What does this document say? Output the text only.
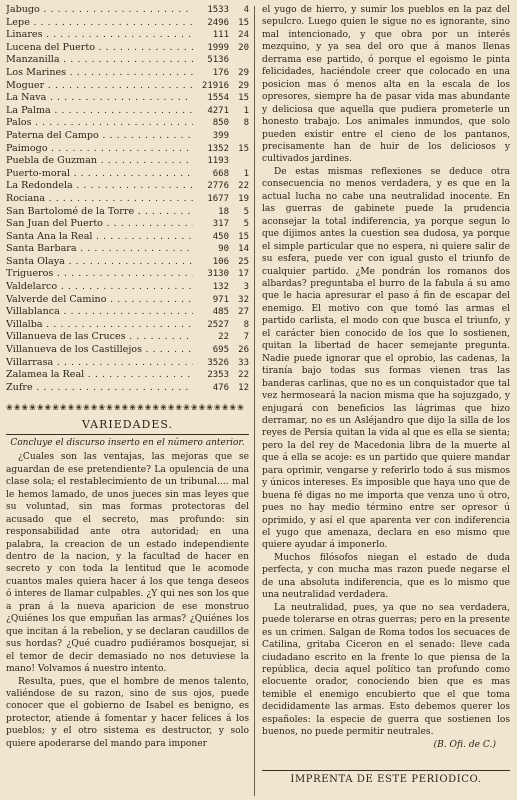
Jabugo . . .	1533	4
Lepe . . .	2496	15
Linares . . .	111	24
Lucena del Puerto . . .	1999	20
Manzanilla . . .	5136
Los Marines . . .	176	29
Moguer . . .	21916	29
La Nava . . .	1554	15
La Palma . . .	4271	1
Palos . . .	850	8
Paterna del Campo . . .	399
Paimogo . . .	1352	15
Puebla de Guzman . . .	1193
Puerto-moral . . .	668	1
La Redondela . . .	2776	22
Rociana . . .	1677	19
San Bartolomé de la Torre . . .	18	5
San Juan del Puerto . . .	317	5
Santa Ana la Real . . .	450	15
Santa Barbara . . .	90	14
Santa Olaya . . .	106	25
Trigueros . . .	3130	17
Valdelarco . . .	132	3
Valverde del Camino . . .	971	32
Villablanca . . .	485	27
Villalba . . .	2527	8
Villanueva de las Cruces . . .	22	7
Villanueva de los Castillejos . . .	695	26
Villarrasa . . .	3526	33
Zalamea la Real . . .	2353	22
Zufre . . .	476	12
❀❀❀❀❀❀❀❀❀❀❀❀❀❀❀❀❀❀❀❀❀❀❀❀❀❀❀❀❀❀❀
VARIEDADES.
Concluye el discurso inserto en el número anterior.

¿Cuales son las ventajas, las mejoras que se aguardan de ese pretendiente? La opulencia de una clase sola; el restablecimiento de un tribunal.... mal le hemos lamado, de unos jueces sin mas leyes que su voluntad, sin mas formas protectoras del acusado que el secreto, mas profundo: sin responsabilidad ante otra autoridad; en una palabra, la creacion de un estado independiente dentro de la nacion, y la facultad de hacer en secreto y con toda la lentitud que le acomode cuantos males quiera hacer á los que tenga deseos ó interes de llamar culpables. ¿Y qui nes son los que a pran á la nueva aparicion de ese monstruo ¿Quiénes los que empuñan las armas? ¿Quiénes los que incitan á la rebelion, y se declaran caudillos de sus hordas? ¿Qué cuadro pudiéramos bosquejar, si el temor de decir demasiado no nos detuviese la mano! Volvamos á nuestro intento.

Resulta, pues, que el hombre de menos talento, valiéndose de su razon, sino de sus ojos, puede conocer que el gobierno de Isabel es benigno, es protector, atiende á fomentar y hacer felices á los pueblos; y el otro sistema es destructor, y solo quiere apoderarse del mando para imponer

el yugo de hierro, y sumir los pueblos en la paz del sepulcro. Luego quien le sigue no es ignorante, sino mal intencionado, y que obra por un interés mezquino, y ya sea del oro que á manos llenas derrama ese partido, ó porque el egoismo le pinta felicidades, haciéndole creer que colocado en una posicion mas ó menos alta en la escala de los opresores, siempre ha de pasar vida mas abundante y deliciosa que aquella que pudiera prometerle un honesto trabajo. Los animales inmundos, que solo pueden existir entre el cieno de los pantanos, precisamente han de huir de los deliciosos y cultivados jardines.

De estas mismas reflexiones se deduce otra consecuencia no menos verdadera, y es que en la actual lucha no cabe una neutralidad inocente. En las guerras de gabinete puede la prudencia aconsejar la total indiferencia, ya porque segun lo que dijimos antes la cuestion sea dudosa, ya porque el simple particular que no espera, ni quiere salir de su esfera, puede ver con igual gusto el triunfo de cualquier partido. ¿Me pondrán los romanos dos albardas? preguntaba el burro de la fabula á su amo que le hacia apresurar el paso á fin de escapar del enemigo. El motivo con que tomó las armas el partido carlista, el modo con que busca el triunfo, y el carácter bien conocido de los que lo sostienen, quitan la libertad de hacer semejante pregunta. Nadie puede ignorar que el oprobio, las cadenas, la tiranía bajo todas sus formas vienen tras las banderas carlinas, que no es un conquistador que tal vez hermoseará la nacion misma que ha sojuzgado, y enjugará con beneficios las lágrimas que hizo derramar, no es un Asléjandro que dijo la silla de los reyes de Persia quitan la vida al que es ella se sienta; pero la del rey de Macedonia libra de la muerte al que á ella se acoje: es un partido que quiere mandar para oprimir, vengarse y referirlo todo á sus mismos y únicos intereses. Es imposible que haya uno que de buena fé digas no me importa que venza uno ú otro, pues no hay medio término entre ser opresor ú oprimido, y así el que aparenta ver con indiferencia el yugo que amenaza, declara en eso mismo que quiere ayudar á imponerlo.

Muchos filósofos niegan el estado de duda perfecta, y con mucha mas razon puede negarse el de una absoluta indiferencia, que es lo mismo que una neutralidad verdadera.

La neutralidad, pues, ya que no sea verdadera, puede tolerarse en otras guerras; pero en la presente es un crimen. Salgan de Roma todos los secuaces de Catilina, gritaba Ciceron en el senado: lleve cada ciudadano escrito en la frente lo que piensa de la república, decia aquel político tan profundo como elocuente orador, conociendo bien que es mas temible el enemigo encubierto que el que toma decididamente las armas. Esto debemos querer los españoles: la especie de guerra que sostienen los buenos, no puede permitir neutrales.

(B. Ofi. de C.)
IMPRENTA DE ESTE PERIODICO.
